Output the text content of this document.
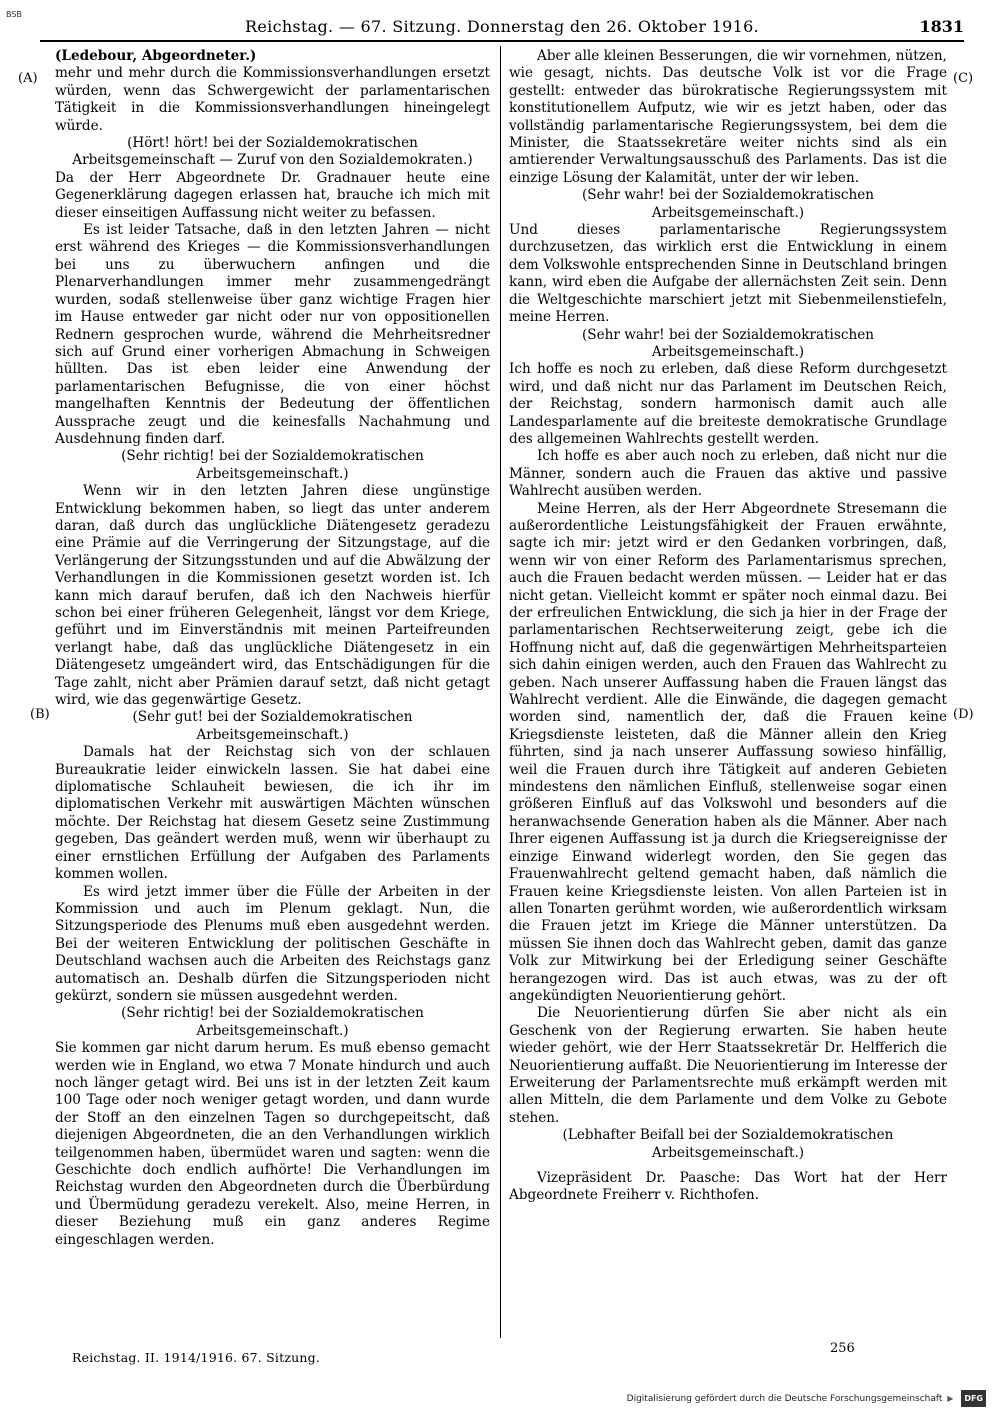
BSB
Reichstag. — 67. Sitzung. Donnerstag den 26. Oktober 1916.	1831
(A)
(B)
(C)
(D)

(Ledebour, Abgeordneter.)

mehr und mehr durch die Kommissionsverhandlungen ersetzt würden, wenn das Schwergewicht der parlamentarischen Tätigkeit in die Kommissionsverhandlungen hineingelegt würde.

(Hört! hört! bei der Sozialdemokratischen Arbeitsgemeinschaft — Zuruf von den Sozialdemokraten.)

Da der Herr Abgeordnete Dr. Gradnauer heute eine Gegenerklärung dagegen erlassen hat, brauche ich mich mit dieser einseitigen Auffassung nicht weiter zu befassen.

Es ist leider Tatsache, daß in den letzten Jahren — nicht erst während des Krieges — die Kommissionsverhandlungen bei uns zu überwuchern anfingen und die Plenarverhandlungen immer mehr zusammengedrängt wurden, sodaß stellenweise über ganz wichtige Fragen hier im Hause entweder gar nicht oder nur von oppositionellen Rednern gesprochen wurde, während die Mehrheitsredner sich auf Grund einer vorherigen Abmachung in Schweigen hüllten. Das ist eben leider eine Anwendung der parlamentarischen Befugnisse, die von einer höchst mangelhaften Kenntnis der Bedeutung der öffentlichen Aussprache zeugt und die keinesfalls Nachahmung und Ausdehnung finden darf.

(Sehr richtig! bei der Sozialdemokratischen Arbeitsgemeinschaft.)

Wenn wir in den letzten Jahren diese ungünstige Entwicklung bekommen haben, so liegt das unter anderem daran, daß durch das unglückliche Diätengesetz geradezu eine Prämie auf die Verringerung der Sitzungstage, auf die Verlängerung der Sitzungsstunden und auf die Abwälzung der Verhandlungen in die Kommissionen gesetzt worden ist. Ich kann mich darauf berufen, daß ich den Nachweis hierfür schon bei einer früheren Gelegenheit, längst vor dem Kriege, geführt und im Einverständnis mit meinen Parteifreunden verlangt habe, daß das unglückliche Diätengesetz in ein Diätengesetz umgeändert wird, das Entschädigungen für die Tage zahlt, nicht aber Prämien darauf setzt, daß nicht getagt wird, wie das gegenwärtige Gesetz.

(Sehr gut! bei der Sozialdemokratischen Arbeitsgemeinschaft.)

Damals hat der Reichstag sich von der schlauen Bureaukratie leider einwickeln lassen. Sie hat dabei eine diplomatische Schlauheit bewiesen, die ich ihr im diplomatischen Verkehr mit auswärtigen Mächten wünschen möchte. Der Reichstag hat diesem Gesetz seine Zustimmung gegeben, Das geändert werden muß, wenn wir überhaupt zu einer ernstlichen Erfüllung der Aufgaben des Parlaments kommen wollen.

Es wird jetzt immer über die Fülle der Arbeiten in der Kommission und auch im Plenum geklagt. Nun, die Sitzungsperiode des Plenums muß eben ausgedehnt werden. Bei der weiteren Entwicklung der politischen Geschäfte in Deutschland wachsen auch die Arbeiten des Reichstags ganz automatisch an. Deshalb dürfen die Sitzungsperioden nicht gekürzt, sondern sie müssen ausgedehnt werden.

(Sehr richtig! bei der Sozialdemokratischen Arbeitsgemeinschaft.)

Sie kommen gar nicht darum herum. Es muß ebenso gemacht werden wie in England, wo etwa 7 Monate hindurch und auch noch länger getagt wird. Bei uns ist in der letzten Zeit kaum 100 Tage oder noch weniger getagt worden, und dann wurde der Stoff an den einzelnen Tagen so durchgepeitscht, daß diejenigen Abgeordneten, die an den Verhandlungen wirklich teilgenommen haben, übermüdet waren und sagten: wenn die Geschichte doch endlich aufhörte! Die Verhandlungen im Reichstag wurden den Abgeordneten durch die Überbürdung und Übermüdung geradezu verekelt. Also, meine Herren, in dieser Beziehung muß ein ganz anderes Regime eingeschlagen werden.

Aber alle kleinen Besserungen, die wir vornehmen, nützen, wie gesagt, nichts. Das deutsche Volk ist vor die Frage gestellt: entweder das bürokratische Regierungssystem mit konstitutionellem Aufputz, wie wir es jetzt haben, oder das vollständig parlamentarische Regierungssystem, bei dem die Minister, die Staatssekretäre weiter nichts sind als ein amtierender Verwaltungsausschuß des Parlaments. Das ist die einzige Lösung der Kalamität, unter der wir leben.

(Sehr wahr! bei der Sozialdemokratischen Arbeitsgemeinschaft.)

Und dieses parlamentarische Regierungssystem durchzusetzen, das wirklich erst die Entwicklung in einem dem Volkswohle entsprechenden Sinne in Deutschland bringen kann, wird eben die Aufgabe der allernächsten Zeit sein. Denn die Weltgeschichte marschiert jetzt mit Siebenmeilenstiefeln, meine Herren.

(Sehr wahr! bei der Sozialdemokratischen Arbeitsgemeinschaft.)

Ich hoffe es noch zu erleben, daß diese Reform durchgesetzt wird, und daß nicht nur das Parlament im Deutschen Reich, der Reichstag, sondern harmonisch damit auch alle Landesparlamente auf die breiteste demokratische Grundlage des allgemeinen Wahlrechts gestellt werden.

Ich hoffe es aber auch noch zu erleben, daß nicht nur die Männer, sondern auch die Frauen das aktive und passive Wahlrecht ausüben werden.

Meine Herren, als der Herr Abgeordnete Stresemann die außerordentliche Leistungsfähigkeit der Frauen erwähnte, sagte ich mir: jetzt wird er den Gedanken vorbringen, daß, wenn wir von einer Reform des Parlamentarismus sprechen, auch die Frauen bedacht werden müssen. — Leider hat er das nicht getan. Vielleicht kommt er später noch einmal dazu. Bei der erfreulichen Entwicklung, die sich ja hier in der Frage der parlamentarischen Rechtserweiterung zeigt, gebe ich die Hoffnung nicht auf, daß die gegenwärtigen Mehrheitsparteien sich dahin einigen werden, auch den Frauen das Wahlrecht zu geben. Nach unserer Auffassung haben die Frauen längst das Wahlrecht verdient. Alle die Einwände, die dagegen gemacht worden sind, namentlich der, daß die Frauen keine Kriegsdienste leisteten, daß die Männer allein den Krieg führten, sind ja nach unserer Auffassung sowieso hinfällig, weil die Frauen durch ihre Tätigkeit auf anderen Gebieten mindestens den nämlichen Einfluß, stellenweise sogar einen größeren Einfluß auf das Volkswohl und besonders auf die heranwachsende Generation haben als die Männer. Aber nach Ihrer eigenen Auffassung ist ja durch die Kriegsereignisse der einzige Einwand widerlegt worden, den Sie gegen das Frauenwahlrecht geltend gemacht haben, daß nämlich die Frauen keine Kriegsdienste leisten. Von allen Parteien ist in allen Tonarten gerühmt worden, wie außerordentlich wirksam die Frauen jetzt im Kriege die Männer unterstützen. Da müssen Sie ihnen doch das Wahlrecht geben, damit das ganze Volk zur Mitwirkung bei der Erledigung seiner Geschäfte herangezogen wird. Das ist auch etwas, was zu der oft angekündigten Neuorientierung gehört.

Die Neuorientierung dürfen Sie aber nicht als ein Geschenk von der Regierung erwarten. Sie haben heute wieder gehört, wie der Herr Staatssekretär Dr. Helfferich die Neuorientierung auffaßt. Die Neuorientierung im Interesse der Erweiterung der Parlamentsrechte muß erkämpft werden mit allen Mitteln, die dem Parlamente und dem Volke zu Gebote stehen.

(Lebhafter Beifall bei der Sozialdemokratischen Arbeitsgemeinschaft.)

Vizepräsident Dr. Paasche: Das Wort hat der Herr Abgeordnete Freiherr v. Richthofen.

Reichstag. II. 1914/1916. 67. Sitzung.
256
Digitalisierung gefördert durch die Deutsche Forschungsgemeinschaft ▶ DFG
